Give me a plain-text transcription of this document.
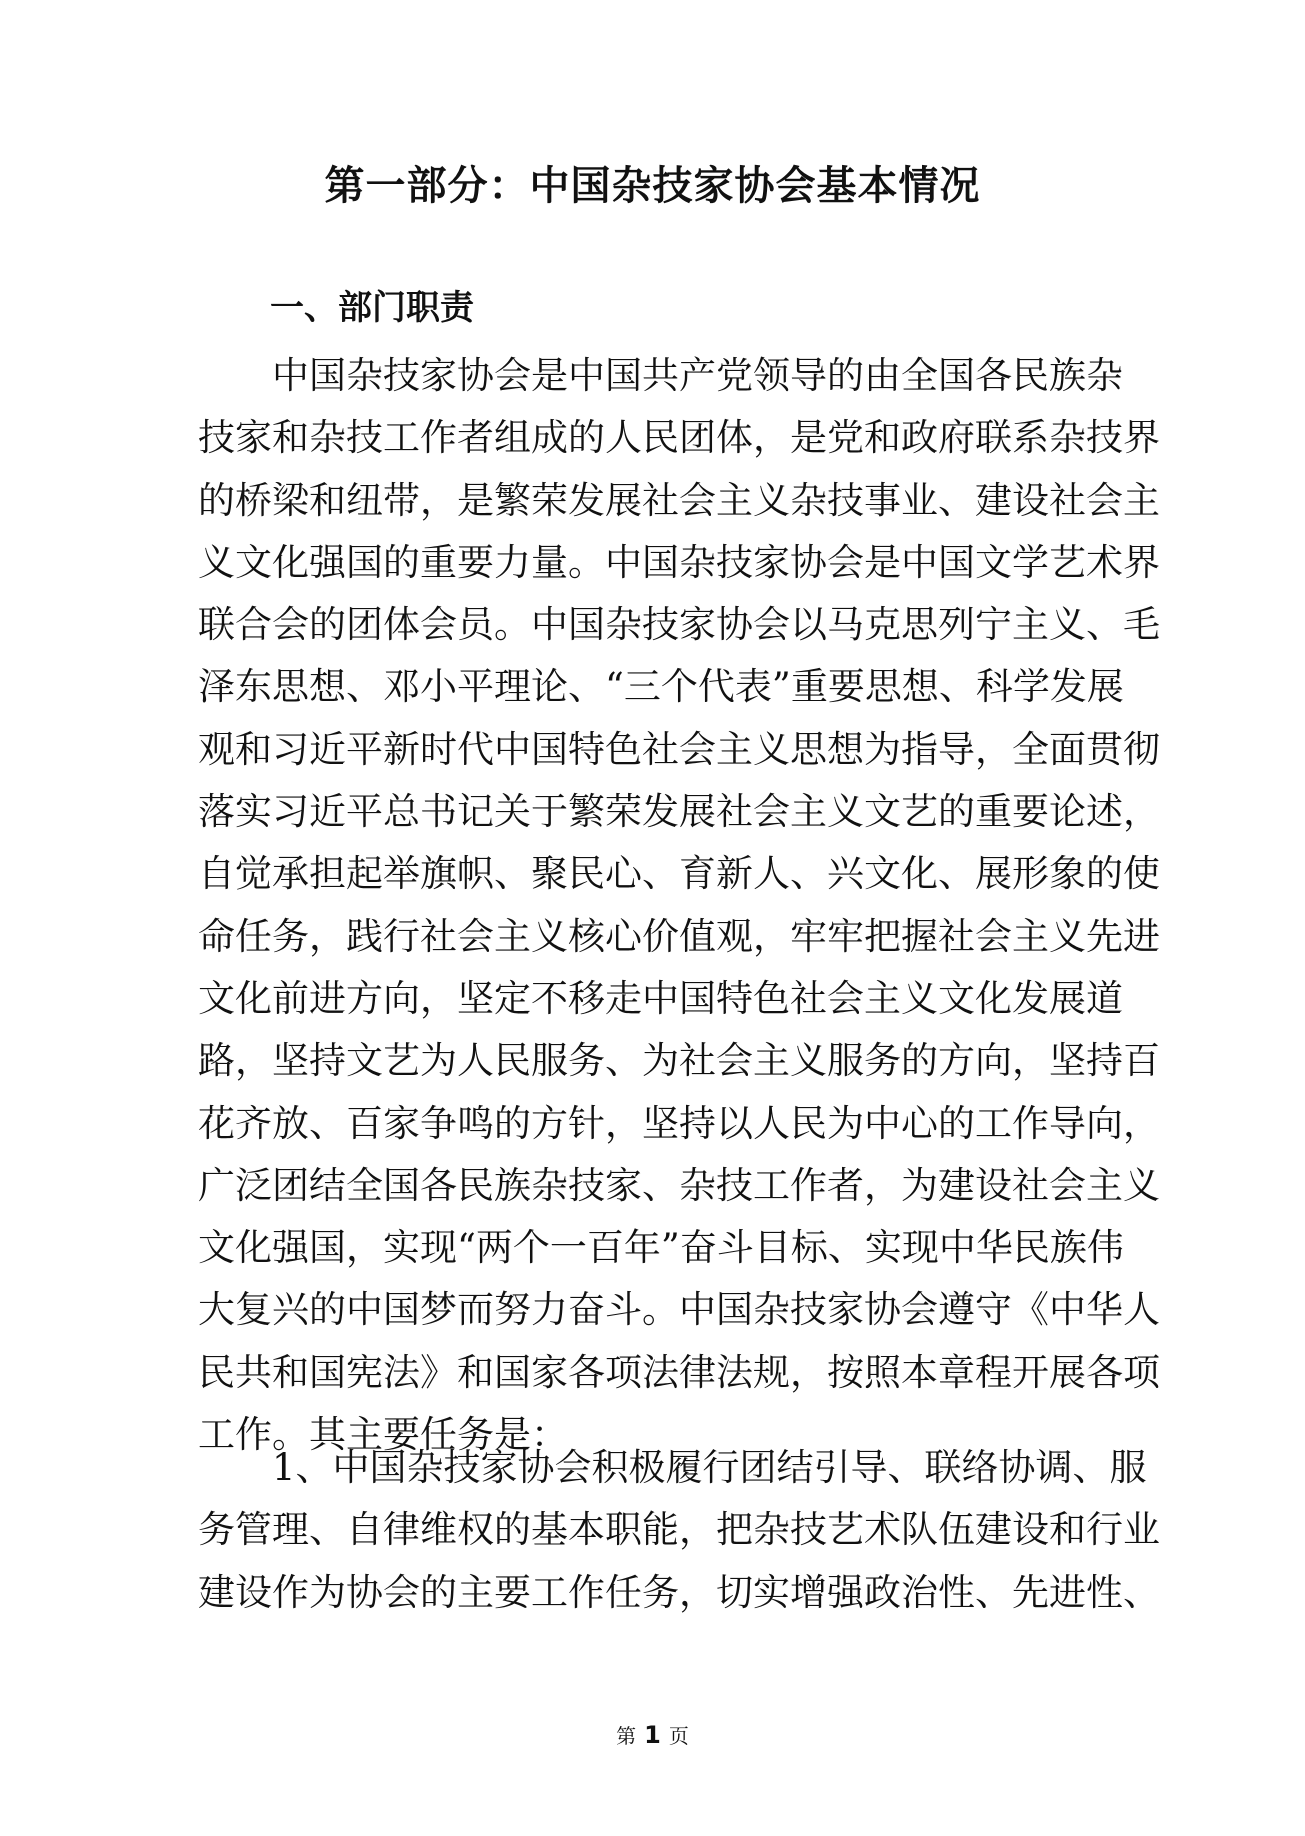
第一部分：中国杂技家协会基本情况
一、部门职责
中国杂技家协会是中国共产党领导的由全国各民族杂
技家和杂技工作者组成的人民团体，是党和政府联系杂技界
的桥梁和纽带，是繁荣发展社会主义杂技事业、建设社会主
义文化强国的重要力量。中国杂技家协会是中国文学艺术界
联合会的团体会员。中国杂技家协会以马克思列宁主义、毛
泽东思想、邓小平理论、“三个代表”重要思想、科学发展
观和习近平新时代中国特色社会主义思想为指导，全面贯彻
落实习近平总书记关于繁荣发展社会主义文艺的重要论述，
自觉承担起举旗帜、聚民心、育新人、兴文化、展形象的使
命任务，践行社会主义核心价值观，牢牢把握社会主义先进
文化前进方向，坚定不移走中国特色社会主义文化发展道
路，坚持文艺为人民服务、为社会主义服务的方向，坚持百
花齐放、百家争鸣的方针，坚持以人民为中心的工作导向，
广泛团结全国各民族杂技家、杂技工作者，为建设社会主义
文化强国，实现“两个一百年”奋斗目标、实现中华民族伟
大复兴的中国梦而努力奋斗。中国杂技家协会遵守《中华人
民共和国宪法》和国家各项法律法规，按照本章程开展各项
工作。其主要任务是：
1、中国杂技家协会积极履行团结引导、联络协调、服
务管理、自律维权的基本职能，把杂技艺术队伍建设和行业
建设作为协会的主要工作任务，切实增强政治性、先进性、
第 1 页
